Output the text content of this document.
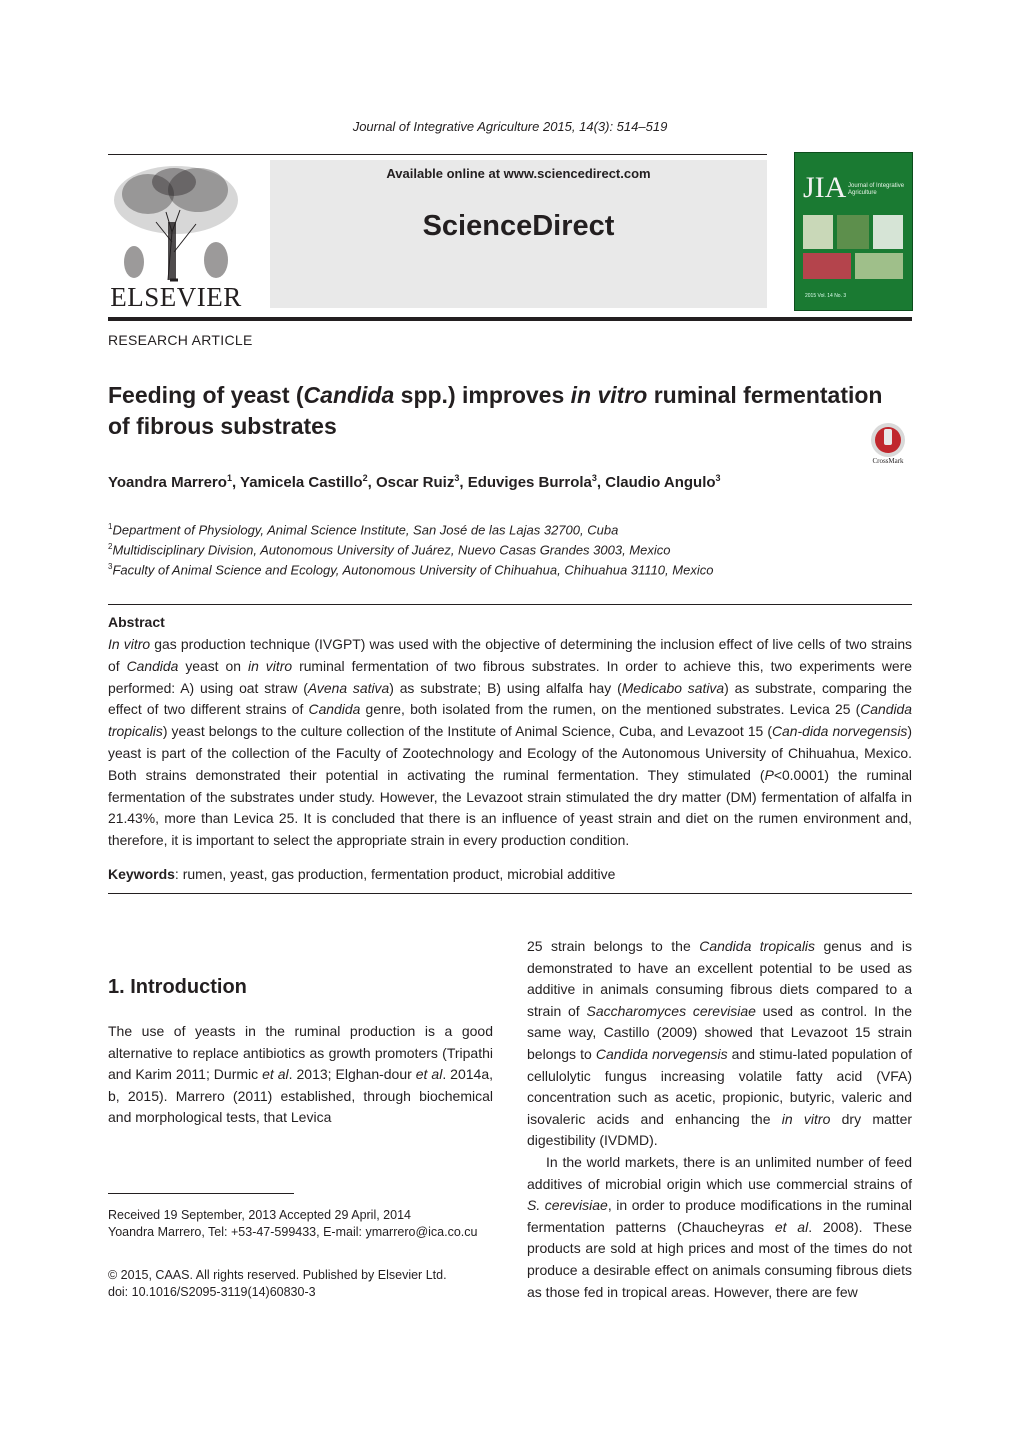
Journal of Integrative Agriculture 2015, 14(3): 514–519
ELSEVIER
Available online at www.sciencedirect.com
ScienceDirect
JIA Journal of Integrative Agriculture
2015 Vol. 14 No. 3
RESEARCH ARTICLE
Feeding of yeast (Candida spp.) improves in vitro ruminal fermentation
of fibrous substrates
CrossMark
Yoandra Marrero$^1$, Yamicela Castillo$^2$, Oscar Ruiz$^3$, Eduviges Burrola$^3$, Claudio Angulo$^3$
$^1$Department of Physiology, Animal Science Institute, San José de las Lajas 32700, Cuba
$^2$Multidisciplinary Division, Autonomous University of Juárez, Nuevo Casas Grandes 3003, Mexico
$^3$Faculty of Animal Science and Ecology, Autonomous University of Chihuahua, Chihuahua 31110, Mexico
Abstract
In vitro gas production technique (IVGPT) was used with the objective of determining the inclusion effect of live cells of two strains of Candida yeast on in vitro ruminal fermentation of two fibrous substrates. In order to achieve this, two experiments were performed: A) using oat straw (Avena sativa) as substrate; B) using alfalfa hay (Medicabo sativa) as substrate, comparing the effect of two different strains of Candida genre, both isolated from the rumen, on the mentioned substrates. Levica 25 (Candida tropicalis) yeast belongs to the culture collection of the Institute of Animal Science, Cuba, and Levazoot 15 (Can-dida norvegensis) yeast is part of the collection of the Faculty of Zootechnology and Ecology of the Autonomous University of Chihuahua, Mexico. Both strains demonstrated their potential in activating the ruminal fermentation. They stimulated (P<0.0001) the ruminal fermentation of the substrates under study. However, the Levazoot strain stimulated the dry matter (DM) fermentation of alfalfa in 21.43%, more than Levica 25. It is concluded that there is an influence of yeast strain and diet on the rumen environment and, therefore, it is important to select the appropriate strain in every production condition.
Keywords: rumen, yeast, gas production, fermentation product, microbial additive
1. Introduction
The use of yeasts in the ruminal production is a good alternative to replace antibiotics as growth promoters (Tripathi and Karim 2011; Durmic et al. 2013; Elghan-dour et al. 2014a, b, 2015). Marrero (2011) established, through biochemical and morphological tests, that Levica
25 strain belongs to the Candida tropicalis genus and is demonstrated to have an excellent potential to be used as additive in animals consuming fibrous diets compared to a strain of Saccharomyces cerevisiae used as control. In the same way, Castillo (2009) showed that Levazoot 15 strain belongs to Candida norvegensis and stimu-lated population of cellulolytic fungus increasing volatile fatty acid (VFA) concentration such as acetic, propionic, butyric, valeric and isovaleric acids and enhancing the in vitro dry matter digestibility (IVDMD).
In the world markets, there is an unlimited number of feed additives of microbial origin which use commercial strains of S. cerevisiae, in order to produce modifications in the ruminal fermentation patterns (Chaucheyras et al. 2008). These products are sold at high prices and most of the times do not produce a desirable effect on animals consuming fibrous diets as those fed in tropical areas. However, there are few
Received 19 September, 2013 Accepted 29 April, 2014
Yoandra Marrero, Tel: +53-47-599433, E-mail: ymarrero@ica.co.cu
© 2015, CAAS. All rights reserved. Published by Elsevier Ltd.
doi: 10.1016/S2095-3119(14)60830-3
